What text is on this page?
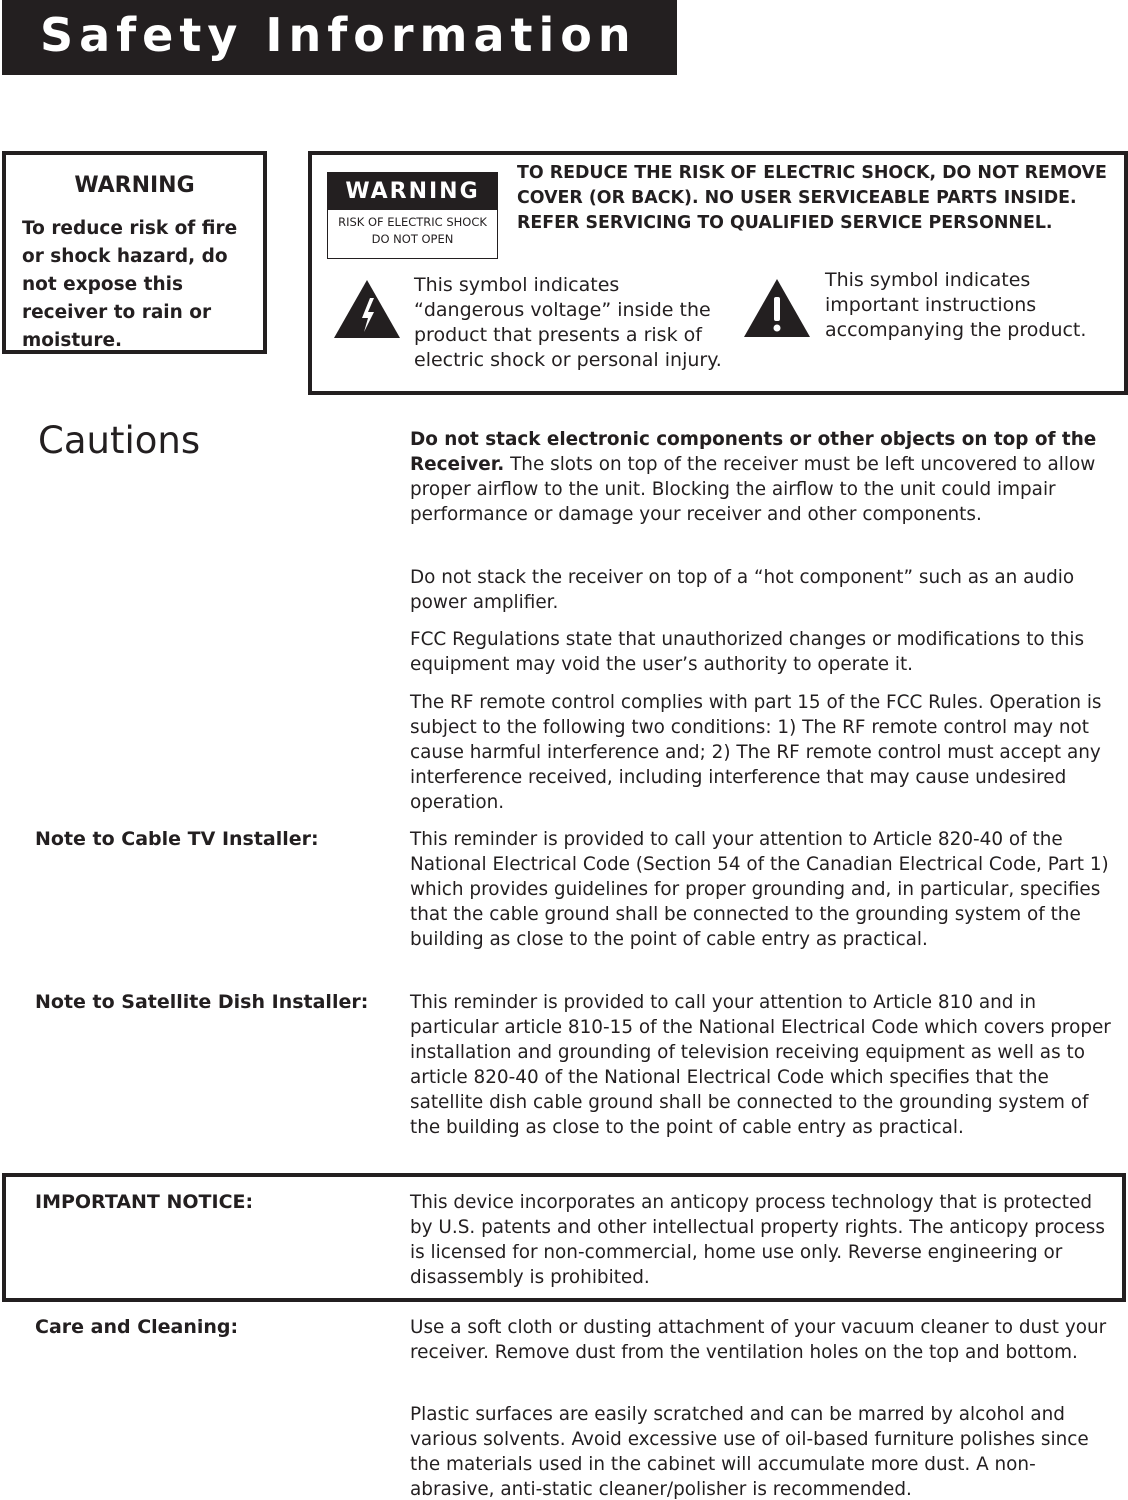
Safety Information
WARNING
To reduce risk of fire or shock hazard, do not expose this receiver to rain or moisture.
WARNING
RISK OF ELECTRIC SHOCK
DO NOT OPEN
TO REDUCE THE RISK OF ELECTRIC SHOCK, DO NOT REMOVE COVER (OR BACK). NO USER SERVICEABLE PARTS INSIDE. REFER SERVICING TO QUALIFIED SERVICE PERSONNEL.
This symbol indicates “dangerous voltage” inside the product that presents a risk of electric shock or personal injury.
This symbol indicates important instructions accompanying the product.
Cautions	Do not stack electronic components or other objects on top of the Receiver. The slots on top of the receiver must be left uncovered to allow proper airflow to the unit. Blocking the airflow to the unit could impair performance or damage your receiver and other components.
Do not stack the receiver on top of a “hot component” such as an audio power amplifier.
FCC Regulations state that unauthorized changes or modifications to this equipment may void the user’s authority to operate it.
The RF remote control complies with part 15 of the FCC Rules. Operation is subject to the following two conditions: 1) The RF remote control may not cause harmful interference and; 2) The RF remote control must accept any interference received, including interference that may cause undesired operation.
Note to Cable TV Installer:	This reminder is provided to call your attention to Article 820-40 of the National Electrical Code (Section 54 of the Canadian Electrical Code, Part 1) which provides guidelines for proper grounding and, in particular, specifies that the cable ground shall be connected to the grounding system of the building as close to the point of cable entry as practical.
Note to Satellite Dish Installer: This reminder is provided to call your attention to Article 810 and in particular article 810-15 of the National Electrical Code which covers proper installation and grounding of television receiving equipment as well as to article 820-40 of the National Electrical Code which specifies that the satellite dish cable ground shall be connected to the grounding system of the building as close to the point of cable entry as practical.
IMPORTANT NOTICE:	This device incorporates an anticopy process technology that is protected by U.S. patents and other intellectual property rights. The anticopy process is licensed for non-commercial, home use only. Reverse engineering or disassembly is prohibited.
Care and Cleaning:	Use a soft cloth or dusting attachment of your vacuum cleaner to dust your receiver. Remove dust from the ventilation holes on the top and bottom.
Plastic surfaces are easily scratched and can be marred by alcohol and various solvents. Avoid excessive use of oil-based furniture polishes since the materials used in the cabinet will accumulate more dust. A non-abrasive, anti-static cleaner/polisher is recommended.
